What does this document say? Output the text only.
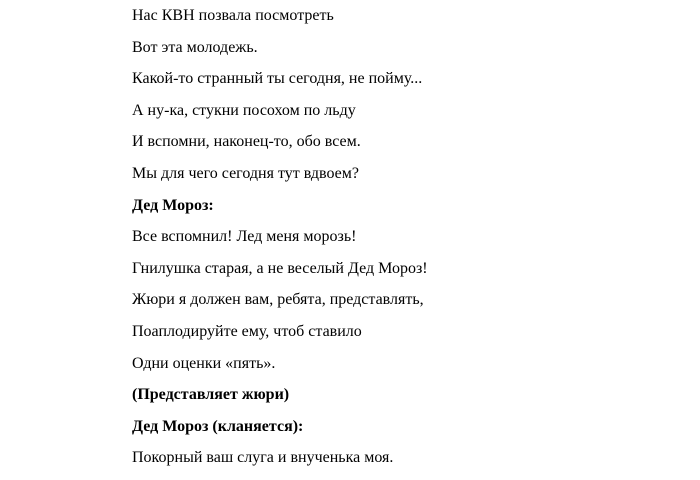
Нас КВН позвала посмотреть

Вот эта молодежь.

Какой-то странный ты сегодня, не пойму...

А ну-ка, стукни посохом по льду

И вспомни, наконец-то, обо всем.

Мы для чего сегодня тут вдвоем?

Дед Мороз:

Все вспомнил! Лед меня морозь!

Гнилушка старая, а не веселый Дед Мороз!

Жюри я должен вам, ребята, представлять,

Поаплодируйте ему, чтоб ставило

Одни оценки «пять».

(Представляет жюри)

Дед Мороз (кланяется):

Покорный ваш слуга и внученька моя.
